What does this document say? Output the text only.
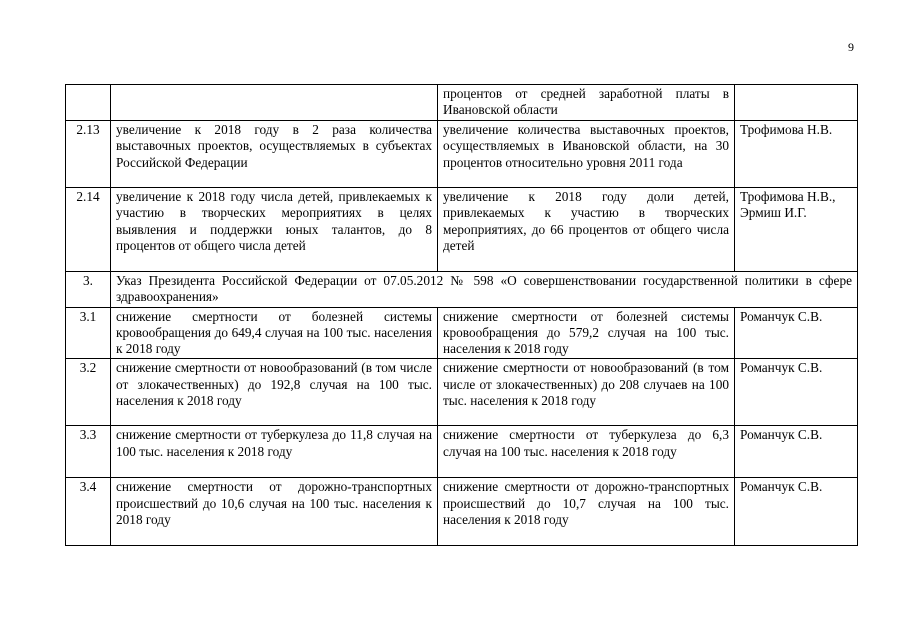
9
		процентов от средней заработной платы в Ивановской области	
2.13	увеличение к 2018 году в 2 раза количества выставочных проектов, осуществляемых в субъектах Российской Федерации	увеличение количества выставочных проектов, осуществляемых в Ивановской области, на 30 процентов относительно уровня 2011 года	Трофимова Н.В.
2.14	увеличение к 2018 году числа детей, привлекаемых к участию в творческих мероприятиях в целях выявления и поддержки юных талантов, до 8 процентов от общего числа детей	увеличение к 2018 году доли детей, привлекаемых к участию в творческих мероприятиях, до 66 процентов от общего числа детей	Трофимова Н.В., Эрмиш И.Г.
3.	Указ Президента Российской Федерации от 07.05.2012 № 598 «О совершенствовании государственной политики в сфере здравоохранения»		
3.1	снижение смертности от болезней системы кровообращения до 649,4 случая на 100 тыс. населения к 2018 году	снижение смертности от болезней системы кровообращения до 579,2 случая на 100 тыс. населения к 2018 году	Романчук С.В.
3.2	снижение смертности от новообразований (в том числе от злокачественных) до 192,8 случая на 100 тыс. населения к 2018 году	снижение смертности от новообразований (в том числе от злокачественных) до 208 случаев на 100 тыс. населения к 2018 году	Романчук С.В.
3.3	снижение смертности от туберкулеза до 11,8 случая на 100 тыс. населения к 2018 году	снижение смертности от туберкулеза до 6,3 случая на 100 тыс. населения к 2018 году	Романчук С.В.
3.4	снижение смертности от дорожно-транспортных происшествий до 10,6 случая на 100 тыс. населения к 2018 году	снижение смертности от дорожно-транспортных происшествий до 10,7 случая на 100 тыс. населения к 2018 году	Романчук С.В.
